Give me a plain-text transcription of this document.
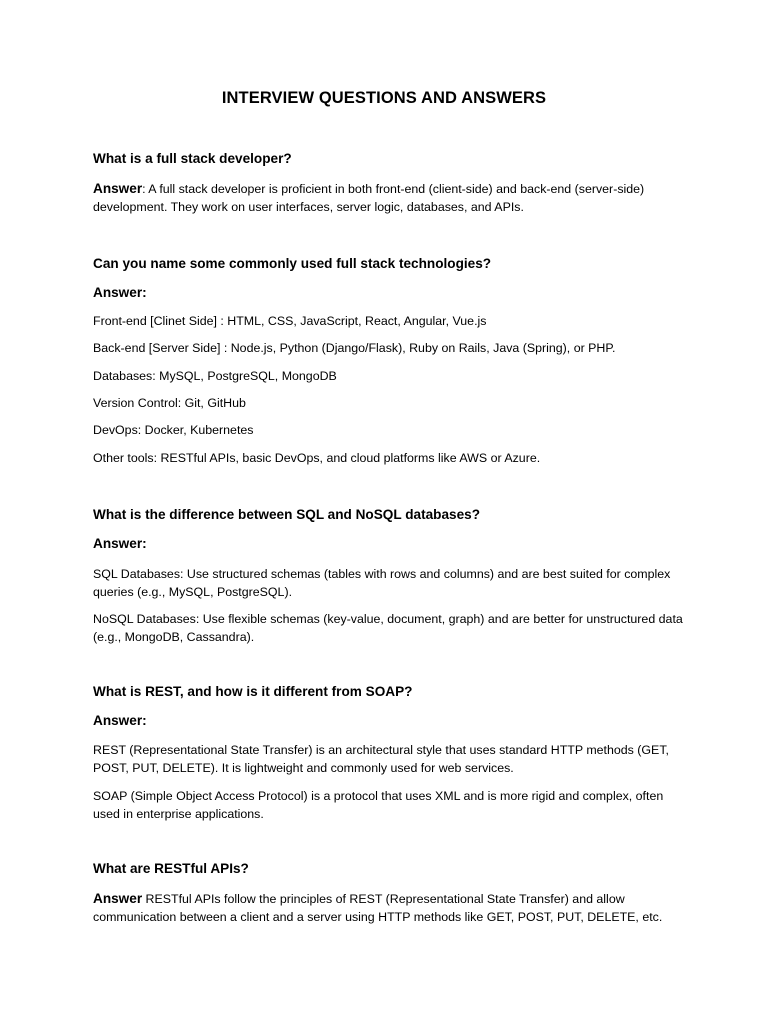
INTERVIEW QUESTIONS AND ANSWERS
What is a full stack developer?
Answer: A full stack developer is proficient in both front-end (client-side) and back-end (server-side) development. They work on user interfaces, server logic, databases, and APIs.
Can you name some commonly used full stack technologies?
Answer:
Front-end [Clinet Side] : HTML, CSS, JavaScript, React, Angular, Vue.js
Back-end [Server Side] : Node.js, Python (Django/Flask), Ruby on Rails, Java (Spring), or PHP.
Databases: MySQL, PostgreSQL, MongoDB
Version Control: Git, GitHub
DevOps: Docker, Kubernetes
Other tools: RESTful APIs, basic DevOps, and cloud platforms like AWS or Azure.
What is the difference between SQL and NoSQL databases?
Answer:
SQL Databases: Use structured schemas (tables with rows and columns) and are best suited for complex queries (e.g., MySQL, PostgreSQL).
NoSQL Databases: Use flexible schemas (key-value, document, graph) and are better for unstructured data (e.g., MongoDB, Cassandra).
What is REST, and how is it different from SOAP?
Answer:
REST (Representational State Transfer) is an architectural style that uses standard HTTP methods (GET, POST, PUT, DELETE). It is lightweight and commonly used for web services.
SOAP (Simple Object Access Protocol) is a protocol that uses XML and is more rigid and complex, often used in enterprise applications.
What are RESTful APIs?
Answer RESTful APIs follow the principles of REST (Representational State Transfer) and allow communication between a client and a server using HTTP methods like GET, POST, PUT, DELETE, etc.
